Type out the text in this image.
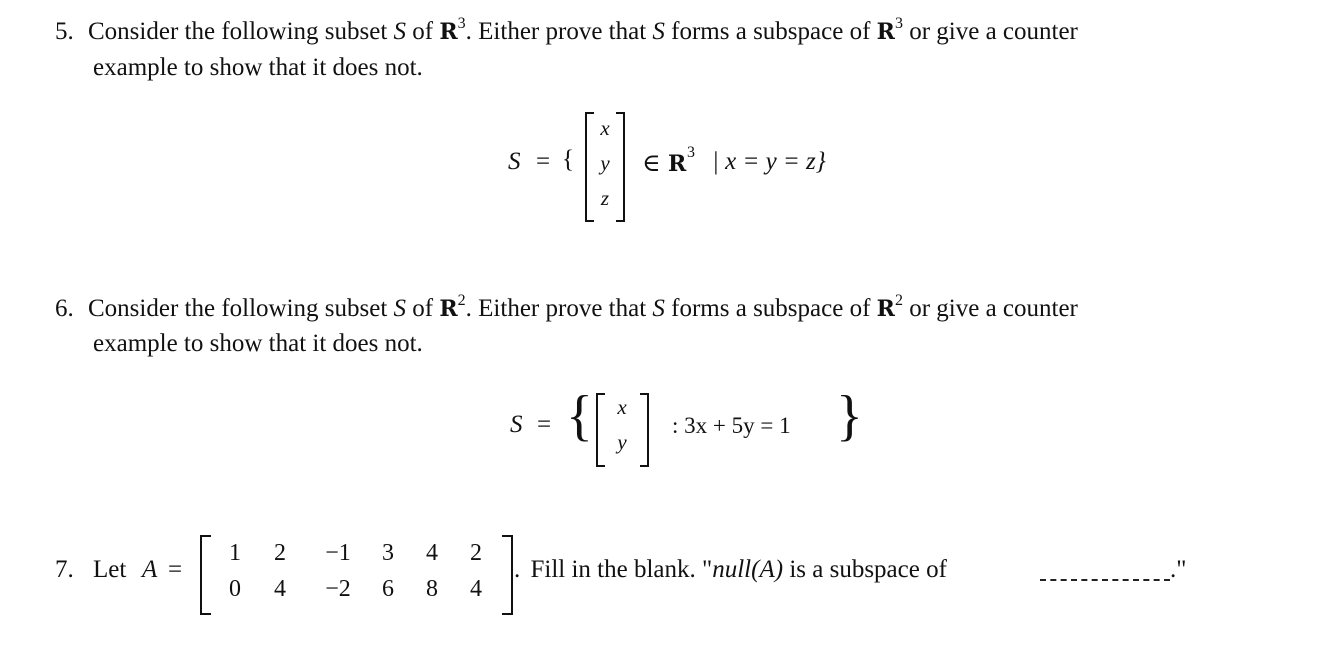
5. Consider the following subset S of $R^3$. Either prove that S forms a subspace of $R^3$ or give a counter
example to show that it does not.
S = {
x
y
z
∈ R 3 | x = y = z}
6. Consider the following subset S of $R^2$. Either prove that S forms a subspace of $R^2$ or give a counter
example to show that it does not.
S = {	x
y
: 3x + 5y = 1 }
7. Let A =
1	2	−1	3	4	2
0	4	−2	6	8	4
. Fill in the blank. "null(A) is a subspace of	."
